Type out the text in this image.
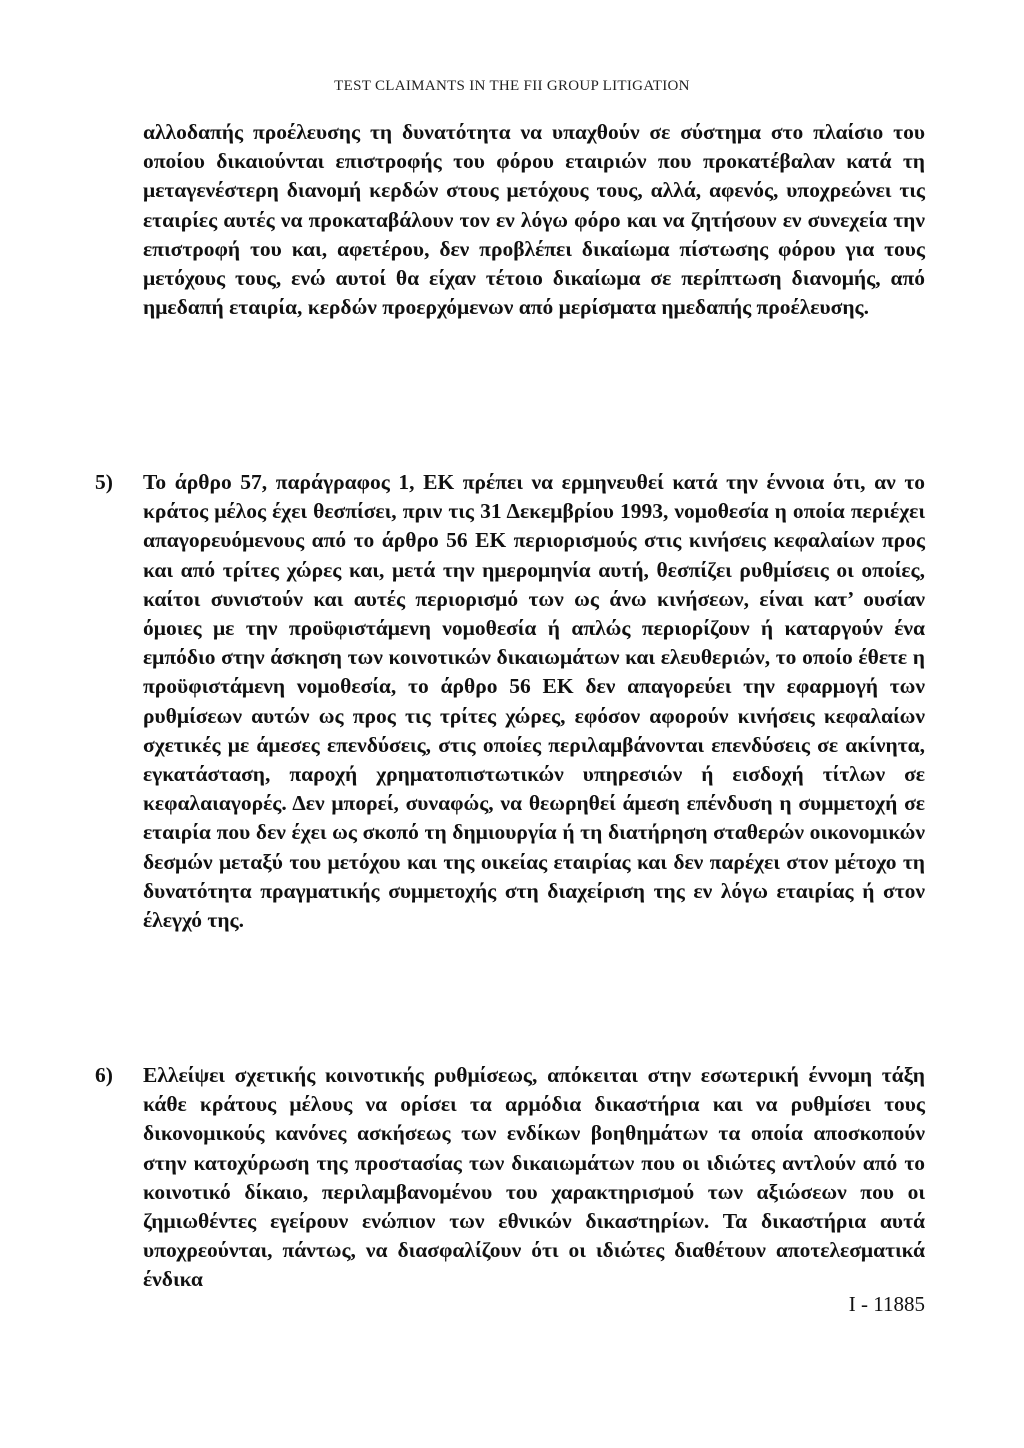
TEST CLAIMANTS IN THE FII GROUP LITIGATION
αλλοδαπής προέλευσης τη δυνατότητα να υπαχθούν σε σύστημα στο πλαίσιο του οποίου δικαιούνται επιστροφής του φόρου εταιριών που προκατέβαλαν κατά τη μεταγενέστερη διανομή κερδών στους μετόχους τους, αλλά, αφενός, υποχρεώνει τις εταιρίες αυτές να προκαταβάλουν τον εν λόγω φόρο και να ζητήσουν εν συνεχεία την επιστροφή του και, αφετέρου, δεν προβλέπει δικαίωμα πίστωσης φόρου για τους μετόχους τους, ενώ αυτοί θα είχαν τέτοιο δικαίωμα σε περίπτωση διανομής, από ημεδαπή εταιρία, κερδών προερχόμενων από μερίσματα ημεδαπής προέλευσης.
5) Το άρθρο 57, παράγραφος 1, ΕΚ πρέπει να ερμηνευθεί κατά την έννοια ότι, αν το κράτος μέλος έχει θεσπίσει, πριν τις 31 Δεκεμβρίου 1993, νομοθεσία η οποία περιέχει απαγορευόμενους από το άρθρο 56 ΕΚ περιορισμούς στις κινήσεις κεφαλαίων προς και από τρίτες χώρες και, μετά την ημερομηνία αυτή, θεσπίζει ρυθμίσεις οι οποίες, καίτοι συνιστούν και αυτές περιορισμό των ως άνω κινήσεων, είναι κατ’ ουσίαν όμοιες με την προϋφιστάμενη νομοθεσία ή απλώς περιορίζουν ή καταργούν ένα εμπόδιο στην άσκηση των κοινοτικών δικαιωμάτων και ελευθεριών, το οποίο έθετε η προϋφιστάμενη νομοθεσία, το άρθρο 56 ΕΚ δεν απαγορεύει την εφαρμογή των ρυθμίσεων αυτών ως προς τις τρίτες χώρες, εφόσον αφορούν κινήσεις κεφαλαίων σχετικές με άμεσες επενδύσεις, στις οποίες περιλαμβάνονται επενδύσεις σε ακίνητα, εγκατάσταση, παροχή χρηματοπιστωτικών υπηρεσιών ή εισδοχή τίτλων σε κεφαλαιαγορές. Δεν μπορεί, συναφώς, να θεωρηθεί άμεση επένδυση η συμμετοχή σε εταιρία που δεν έχει ως σκοπό τη δημιουργία ή τη διατήρηση σταθερών οικονομικών δεσμών μεταξύ του μετόχου και της οικείας εταιρίας και δεν παρέχει στον μέτοχο τη δυνατότητα πραγματικής συμμετοχής στη διαχείριση της εν λόγω εταιρίας ή στον έλεγχό της.
6) Ελλείψει σχετικής κοινοτικής ρυθμίσεως, απόκειται στην εσωτερική έννομη τάξη κάθε κράτους μέλους να ορίσει τα αρμόδια δικαστήρια και να ρυθμίσει τους δικονομικούς κανόνες ασκήσεως των ενδίκων βοηθημάτων τα οποία αποσκοπούν στην κατοχύρωση της προστασίας των δικαιωμάτων που οι ιδιώτες αντλούν από το κοινοτικό δίκαιο, περιλαμβανομένου του χαρακτηρισμού των αξιώσεων που οι ζημιωθέντες εγείρουν ενώπιον των εθνικών δικαστηρίων. Τα δικαστήρια αυτά υποχρεούνται, πάντως, να διασφαλίζουν ότι οι ιδιώτες διαθέτουν αποτελεσματικά ένδικα
I - 11885
